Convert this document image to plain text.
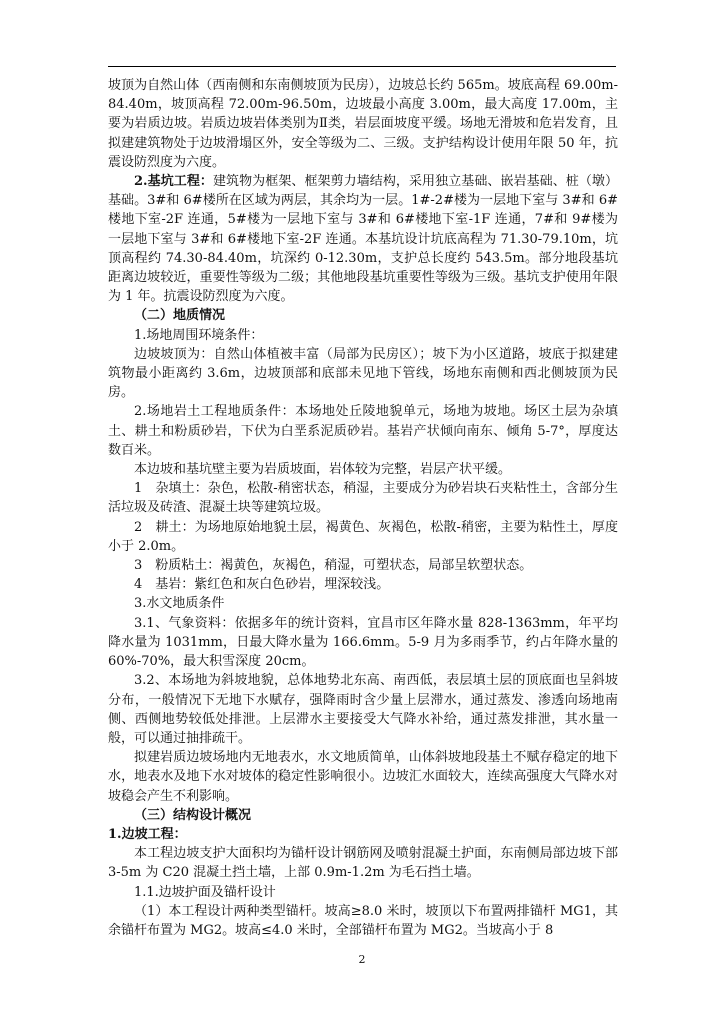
坡顶为自然山体（西南侧和东南侧坡顶为民房），边坡总长约 565m。坡底高程 69.00m-84.40m，坡顶高程 72.00m-96.50m，边坡最小高度 3.00m，最大高度 17.00m，主要为岩质边坡。岩质边坡岩体类别为Ⅱ类，岩层面坡度平缓。场地无滑坡和危岩发育，且拟建建筑物处于边坡滑塌区外，安全等级为二、三级。支护结构设计使用年限 50 年，抗震设防烈度为六度。

2.基坑工程：建筑物为框架、框架剪力墙结构，采用独立基础、嵌岩基础、桩（墩）基础。3#和 6#楼所在区域为两层，其余均为一层。1#-2#楼为一层地下室与 3#和 6#楼地下室-2F 连通，5#楼为一层地下室与 3#和 6#楼地下室-1F 连通，7#和 9#楼为一层地下室与 3#和 6#楼地下室-2F 连通。本基坑设计坑底高程为 71.30-79.10m，坑顶高程约 74.30-84.40m，坑深约 0-12.30m，支护总长度约 543.5m。部分地段基坑距离边坡较近，重要性等级为二级；其他地段基坑重要性等级为三级。基坑支护使用年限为 1 年。抗震设防烈度为六度。

（二）地质情况

1.场地周围环境条件：

边坡坡顶为：自然山体植被丰富（局部为民房区）；坡下为小区道路，坡底于拟建建筑物最小距离约 3.6m，边坡顶部和底部未见地下管线，场地东南侧和西北侧坡顶为民房。

2.场地岩土工程地质条件：本场地处丘陵地貌单元，场地为坡地。场区土层为杂填土、耕土和粉质砂岩，下伏为白垩系泥质砂岩。基岩产状倾向南东、倾角 5-7°，厚度达数百米。

本边坡和基坑壁主要为岩质坡面，岩体较为完整，岩层产状平缓。

1　杂填土：杂色，松散-稍密状态，稍湿，主要成分为砂岩块石夹粘性土，含部分生活垃圾及砖渣、混凝土块等建筑垃圾。

2　耕土：为场地原始地貌土层，褐黄色、灰褐色，松散-稍密，主要为粘性土，厚度小于 2.0m。

3　粉质粘土：褐黄色，灰褐色，稍湿，可塑状态，局部呈软塑状态。

4　基岩：紫红色和灰白色砂岩，埋深较浅。

3.水文地质条件

3.1、气象资料：依据多年的统计资料，宜昌市区年降水量 828-1363mm，年平均降水量为 1031mm，日最大降水量为 166.6mm。5-9 月为多雨季节，约占年降水量的 60%-70%，最大积雪深度 20cm。

3.2、本场地为斜坡地貌，总体地势北东高、南西低，表层填土层的顶底面也呈斜坡分布，一般情况下无地下水赋存，强降雨时含少量上层滞水，通过蒸发、渗透向场地南侧、西侧地势较低处排泄。上层滞水主要接受大气降水补给，通过蒸发排泄，其水量一般，可以通过抽排疏干。

拟建岩质边坡场地内无地表水，水文地质简单，山体斜坡地段基土不赋存稳定的地下水，地表水及地下水对坡体的稳定性影响很小。边坡汇水面较大，连续高强度大气降水对坡稳会产生不利影响。

（三）结构设计概况

1.边坡工程：

本工程边坡支护大面积均为锚杆设计钢筋网及喷射混凝土护面，东南侧局部边坡下部 3-5m 为 C20 混凝土挡土墙，上部 0.9m-1.2m 为毛石挡土墙。

1.1.边坡护面及锚杆设计

（1）本工程设计两种类型锚杆。坡高≥8.0 米时，坡顶以下布置两排锚杆 MG1，其余锚杆布置为 MG2。坡高≤4.0 米时，全部锚杆布置为 MG2。当坡高小于 8

2
